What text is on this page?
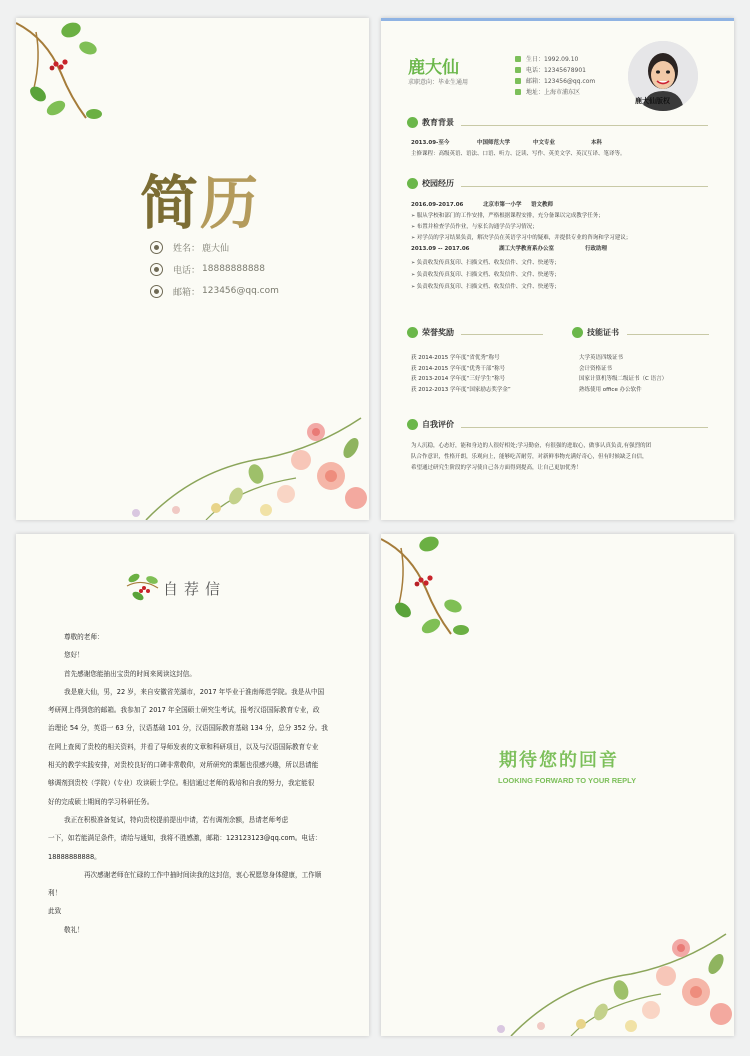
简历
姓名： 鹿大仙
电话： 18888888888
邮箱： 123456@qq.com
鹿大仙
求职意向：毕业生通用
生日：1992.09.10
电话：12345678901
邮箱：123456@qq.com
地址：上海市浦东区
鹿大仙版权
教育背景
2013.09-至今	中国师范大学	中文专业	本科
主修课程：高级英语、语法、口语、听力、泛读、写作、英美文学、英汉互译、笔译等。
校园经历
2016.09-2017.06	北京市第一小学 语文教师
➢ 服从学校和部门的工作安排，严格根据课程安排，充分备课以完成教学任务；
➢ 布置并检查学员作业，与家长沟通学员学习情况；
➢ 对学员的学习结果负责，解决学员在英语学习中的疑难，并提供专业的咨询和学习建议；
2013.09 -- 2017.06	湖工大学教育系办公室	行政助理
➢ 负责收发传真复印、扫描文档、收发信件、文件、快递等；
➢ 负责收发传真复印、扫描文档、收发信件、文件、快递等；
➢ 负责收发传真复印、扫描文档、收发信件、文件、快递等；
荣誉奖励
获 2014-2015 学年度“省优秀”称号
获 2014-2015 学年度“优秀干部”称号
获 2013-2014 学年度“三好学生”称号
获 2012-2013 学年度“国家励志奖学金”
技能证书
大学英语四级证书
会计资格证书
国家计算机等级二级证书（C 语言）
熟练使用 office 办公软件
自我评价
为人沉稳，心态好，能和身边的人很好相处;学习勤奋，有很强的进取心，做事认真负责,有强烈的团
队合作意识，性格开朗，乐观向上，能够吃苦耐劳，对新鲜事物充满好奇心，但有时候缺乏自信，
希望通过研究生阶段的学习使自己各方面得到提高，让自己更加优秀！
自荐信

尊敬的老师：

您好！

首先感谢您能抽出宝贵的时间来阅读这封信。

我是鹿大仙，男，22 岁，来自安徽省芜湖市，2017 年毕业于淮南师范学院。我是从中国

考研网上得到您的邮箱。我参加了 2017 年全国硕士研究生考试，报考汉语国际教育专业，政

治理论 54 分，英语一 63 分，汉语基础 101 分，汉语国际教育基础 134 分，总分 352 分。我

在网上查阅了贵校的相关资料，并看了导师发表的文章和科研项目，以及与汉语国际教育专业

相关的教学实践安排，对贵校良好的口碑非常敬仰，对所研究的课题也很感兴趣，所以恳请能

够调剂到贵校（学院）(专业）攻读硕士学位。相信通过老师的栽培和自我的努力，我定能很

好的完成硕士期间的学习科研任务。

我正在积极准备复试，特向贵校提前提出申请，若有调剂余额，恳请老师考虑

一下，如若能满足条件，请给与通知，我将不胜感激，邮箱：123123123@qq.com。电话：

18888888888。

再次感谢老师在忙碌的工作中抽时间读我的这封信，衷心祝愿您身体健康，工作顺

利！

此致

敬礼！

期待您的回音
LOOKING FORWARD TO YOUR REPLY
